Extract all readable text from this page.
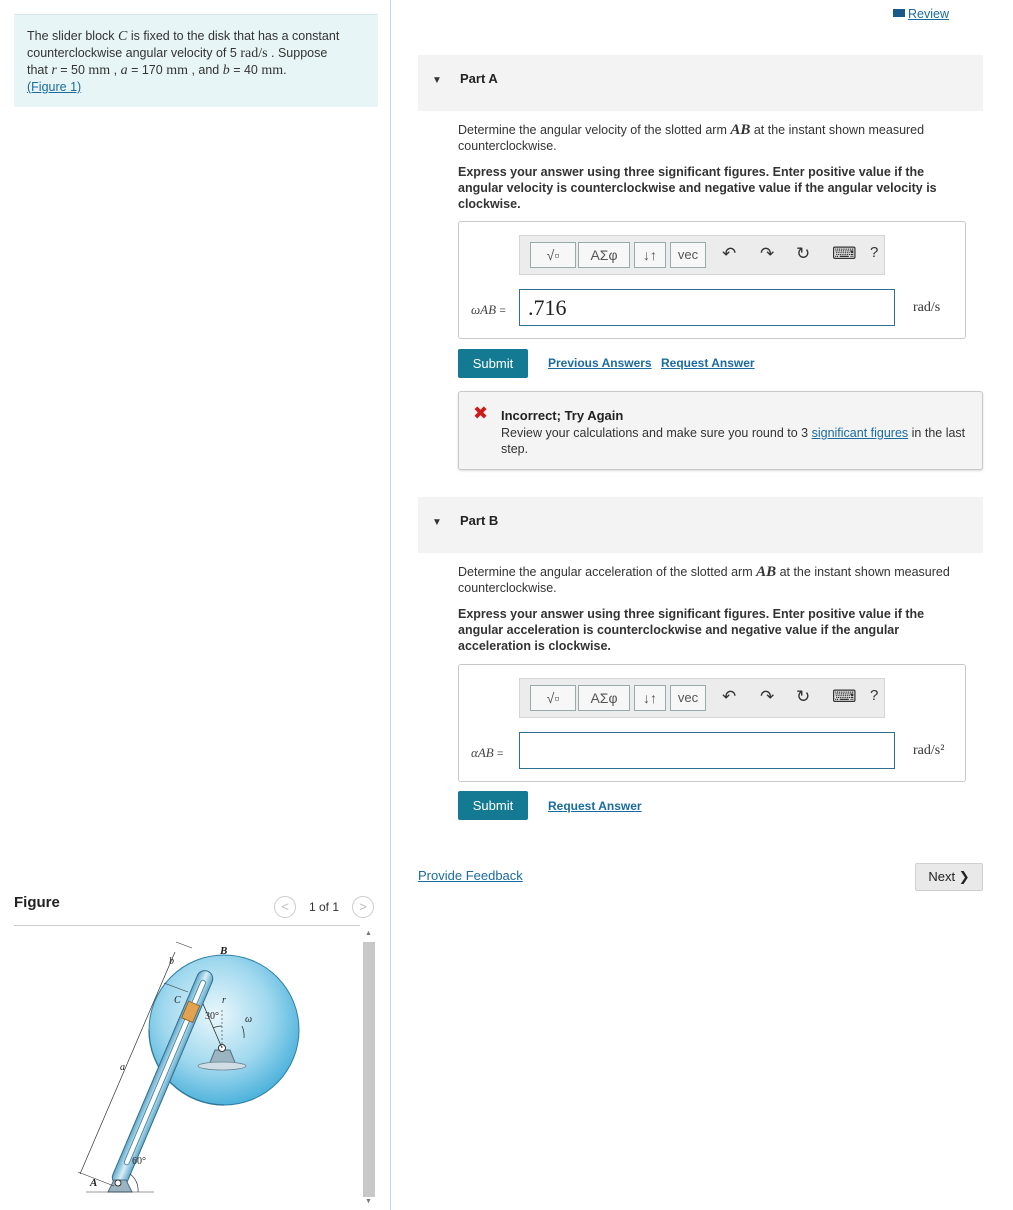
The slider block C is fixed to the disk that has a constant
counterclockwise angular velocity of 5 rad/s . Suppose
that r = 50 mm , a = 170 mm , and b = 40 mm.
(Figure 1)
Figure	<	1 of 1	>
B
b
C	r
30°	ω
a
60°
A
▲
▼
Review
▼ Part A
Determine the angular velocity of the slotted arm AB at the instant shown measured counterclockwise.
Express your answer using three significant figures. Enter positive value if the angular velocity is counterclockwise and negative value if the angular velocity is clockwise.
√▫	ΑΣφ	↓↑	vec	↶ ↷ ↻ ⌨ ?
ωAB =	.716	rad/s
Submit	Previous Answers Request Answer
✖ Incorrect; Try Again
Review your calculations and make sure you round to 3 significant figures in the last step.
▼ Part B
Determine the angular acceleration of the slotted arm AB at the instant shown measured counterclockwise.
Express your answer using three significant figures. Enter positive value if the angular acceleration is counterclockwise and negative value if the angular acceleration is clockwise.
√▫	ΑΣφ	↓↑	vec	↶ ↷ ↻ ⌨ ?
αAB =	rad/s²
Submit	Request Answer
Provide Feedback	Next ❯
